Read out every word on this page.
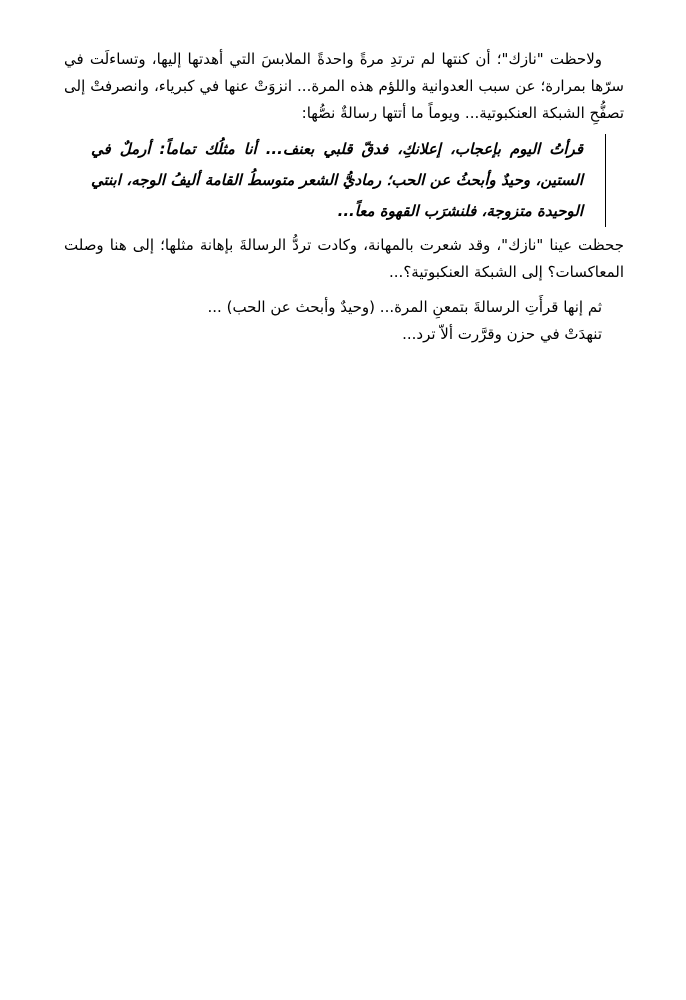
ولاحظت "نازك"؛ أن كنتها لم ترتدِ مرةً واحدةً الملابسَ التي أهدتها إليها، وتساءلَت في سرّها بمرارة؛ عن سبب العدوانية واللؤم هذه المرة... انزوَتْ عنها في كبرياء، وانصرفتْ إلى تصفُّحِ الشبكة العنكبوتية... ويوماً ما أتتها رسالةٌ نصُّها:

قرأتُ اليوم بإعجاب، إعلانكِ، فدقّ قلبي بعنف... أنا مثلُك تماماً: أرملٌ في الستين، وحيدٌ وأبحثُ عن الحب؛ رماديُّ الشعر متوسطُ القامة أليفُ الوجه، ابنتي الوحيدة متزوجة، فلنشرَب القهوة معاً...

جحظت عينا "نازك"، وقد شعرت بالمهانة، وكادت تردُّ الرسالةَ بإهانة مثلها؛ إلى هنا وصلت المعاكسات؟ إلى الشبكة العنكبوتية؟...

ثم إنها قرأَتِ الرسالةَ بتمعنِ المرة... (وحيدٌ وأبحث عن الحب) ...

تنهدَتْ في حزن وقرَّرت ألاّ ترد...
